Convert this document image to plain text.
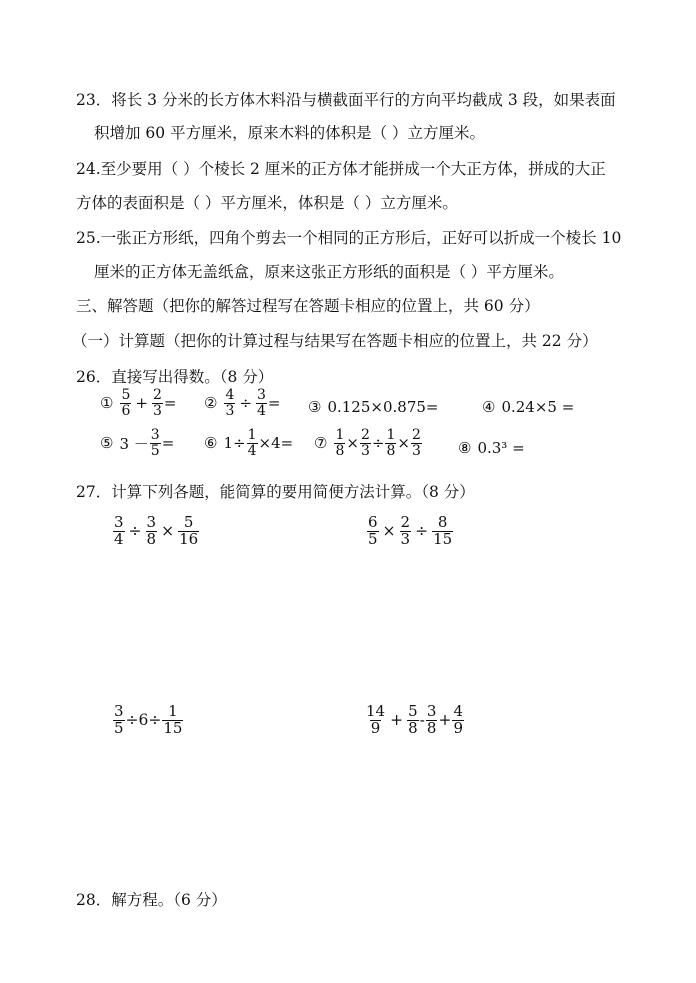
23．将长 3 分米的长方体木料沿与横截面平行的方向平均截成 3 段，如果表面
积增加 60 平方厘米，原来木料的体积是（ ）立方厘米。
24.至少要用（ ）个棱长 2 厘米的正方体才能拼成一个大正方体，拼成的大正
方体的表面积是（ ）平方厘米，体积是（ ）立方厘米。
25.一张正方形纸，四角个剪去一个相同的正方形后，正好可以折成一个棱长 10
厘米的正方体无盖纸盒，原来这张正方形纸的面积是（ ）平方厘米。
三、解答题（把你的解答过程写在答题卡相应的位置上，共 60 分）
（一）计算题（把你的计算过程与结果写在答题卡相应的位置上，共 22 分）
26．直接写出得数。（8 分）
① $\frac{5}{6} + \frac{2}{3}$ = ② $\frac{4}{3} \div \frac{3}{4}$ = ③ 0.125×0.875=	④ 0.24×5 =
⑤ $3 - \frac{3}{5}$ = ⑥ $1\div \frac{1}{4} \times 4=$ ⑦ $\frac{1}{8} \times \frac{2}{3} \div \frac{1}{8} \times \frac{2}{3}$ ⑧ 0.3³ =
27．计算下列各题，能简算的要用简便方法计算。（8 分）
$\frac{3}{4} \div \frac{3}{8} \times \frac{5}{16}$	$\frac{6}{5} \times \frac{2}{3} \div \frac{8}{15}$
$\frac{3}{5} \div 6\div \frac{1}{15}$	$\frac{14}{9} + \frac{5}{8} - \frac{3}{8} + \frac{4}{9}$
28．解方程。（6 分）
